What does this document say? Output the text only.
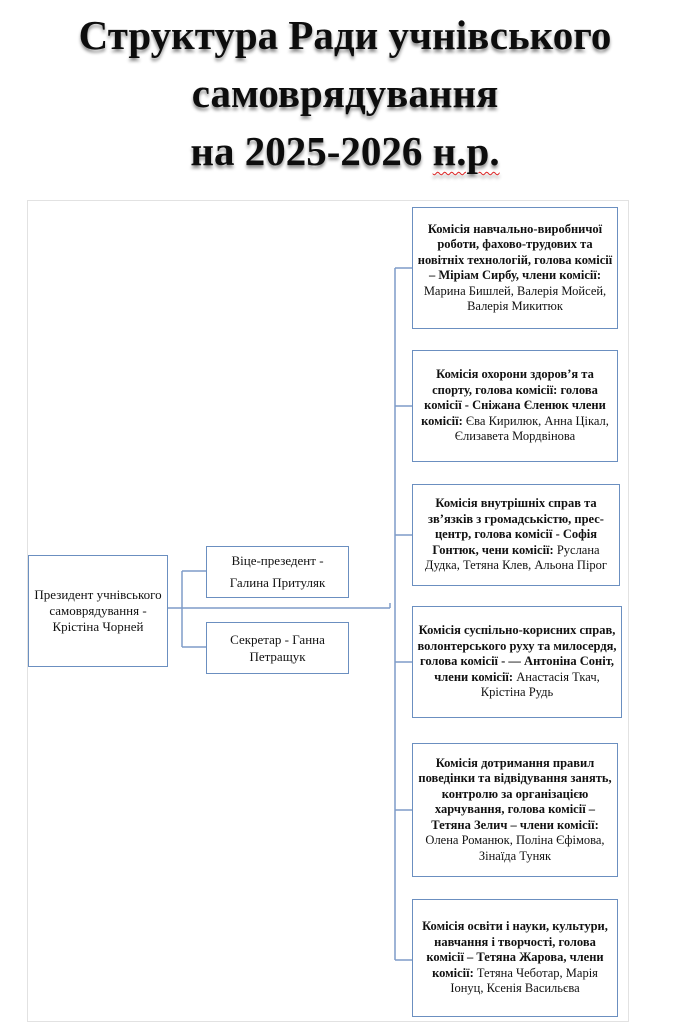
Структура Ради учнівського
самоврядування
на 2025-2026 н.р.
Президент учнівського самоврядування - Крістіна Чорней
Віце-презедент - Галина Притуляк
Секретар - Ганна Петращук
Комісія навчально-виробничої роботи, фахово-трудових та новітніх технологій, голова комісії – Міріам Сирбу, члени комісії: Марина Бишлей, Валерія Мойсей, Валерія Микитюк
Комісія охорони здоров’я та спорту, голова комісії: голова комісії - Сніжана Єленюк члени комісії: Єва Кирилюк, Анна Цікал, Єлизавета Мордвінова
Комісія внутрішніх справ та зв’язків з громадськістю, прес-центр, голова комісії - Софія Гонтюк, чени комісії: Руслана Дудка, Тетяна Клев, Альона Пірог
Комісія суспільно-корисних справ, волонтерського руху та милосердя, голова комісії - — Антоніна Соніт, члени комісії: Анастасія Ткач, Крістіна Рудь
Комісія дотримання правил поведінки та відвідування занять, контролю за організацією харчування, голова комісії – Тетяна Зелич – члени комісії: Олена Романюк, Поліна Єфімова, Зінаїда Туняк
Комісія освіти і науки, культури, навчання і творчості, голова комісії – Тетяна Жарова, члени комісії: Тетяна Чеботар, Марія Іонуц, Ксенія Васильєва
